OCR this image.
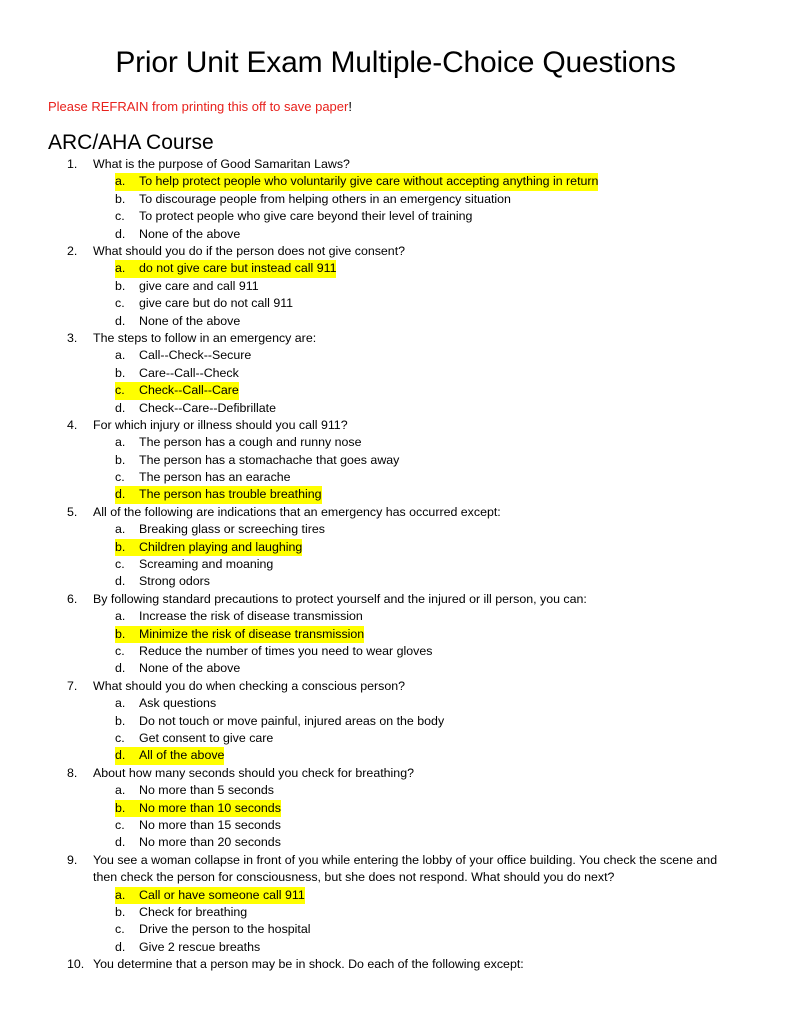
Prior Unit Exam Multiple-Choice Questions
Please REFRAIN from printing this off to save paper!
ARC/AHA Course
1.	What is the purpose of Good Samaritan Laws?
a. To help protect people who voluntarily give care without accepting anything in return
b. To discourage people from helping others in an emergency situation
c. To protect people who give care beyond their level of training
d. None of the above
2.	What should you do if the person does not give consent?
a. do not give care but instead call 911
b. give care and call 911
c. give care but do not call 911
d. None of the above
3.	The steps to follow in an emergency are:
a. Call--Check--Secure
b. Care--Call--Check
c. Check--Call--Care
d. Check--Care--Defibrillate
4.	For which injury or illness should you call 911?
a. The person has a cough and runny nose
b. The person has a stomachache that goes away
c. The person has an earache
d. The person has trouble breathing
5.	All of the following are indications that an emergency has occurred except:
a. Breaking glass or screeching tires
b. Children playing and laughing
c. Screaming and moaning
d. Strong odors
6.	By following standard precautions to protect yourself and the injured or ill person, you can:
a. Increase the risk of disease transmission
b. Minimize the risk of disease transmission
c. Reduce the number of times you need to wear gloves
d. None of the above
7.	What should you do when checking a conscious person?
a. Ask questions
b. Do not touch or move painful, injured areas on the body
c. Get consent to give care
d. All of the above
8.	About how many seconds should you check for breathing?
a. No more than 5 seconds
b. No more than 10 seconds
c. No more than 15 seconds
d. No more than 20 seconds
9.	You see a woman collapse in front of you while entering the lobby of your office building. You check the scene and then check the person for consciousness, but she does not respond. What should you do next?
a. Call or have someone call 911
b. Check for breathing
c. Drive the person to the hospital
d. Give 2 rescue breaths
10. You determine that a person may be in shock. Do each of the following except:
